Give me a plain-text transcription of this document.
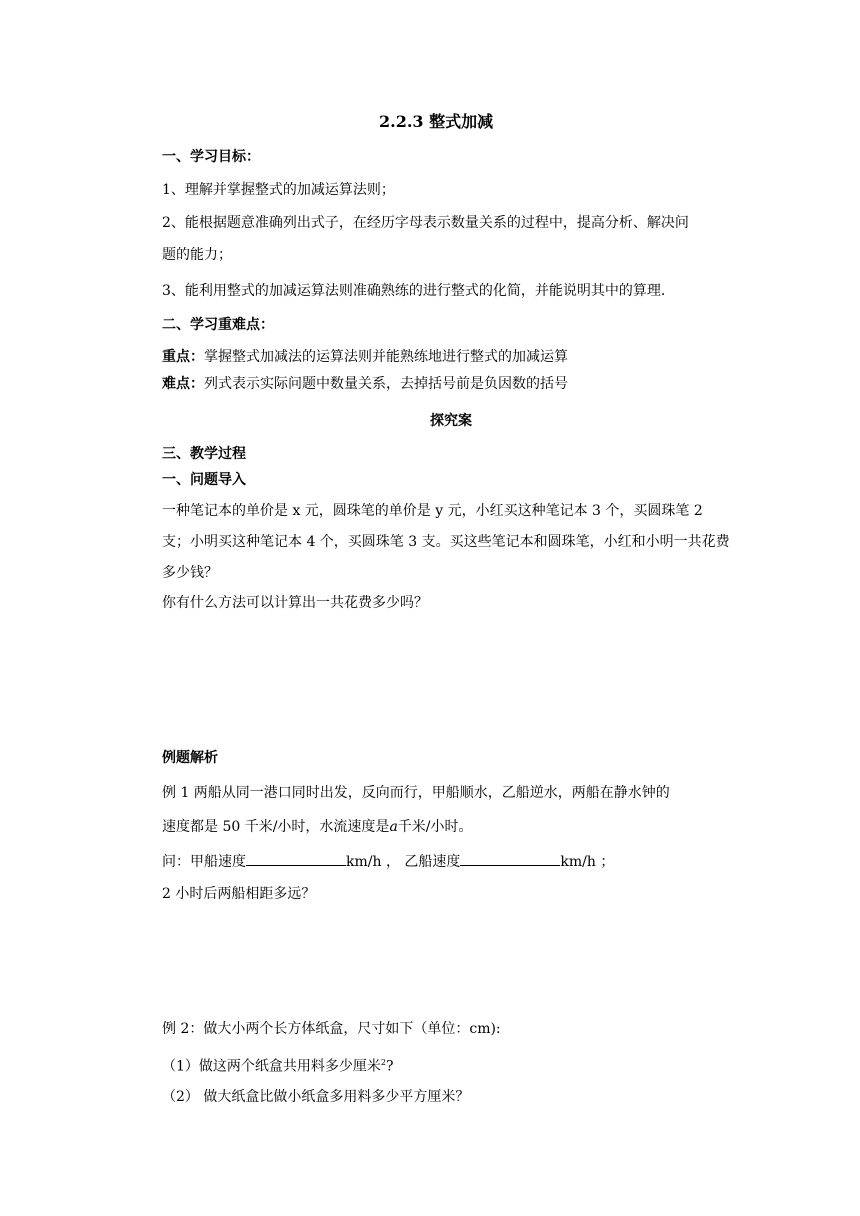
2.2.3 整式加减
一、学习目标：
1、理解并掌握整式的加减运算法则；
2、能根据题意准确列出式子，在经历字母表示数量关系的过程中，提高分析、解决问
题的能力；
3、能利用整式的加减运算法则准确熟练的进行整式的化简，并能说明其中的算理.
二、学习重难点：
重点：掌握整式加减法的运算法则并能熟练地进行整式的加减运算
难点：列式表示实际问题中数量关系，去掉括号前是负因数的括号
探究案
三、教学过程
一、问题导入
一种笔记本的单价是 x 元，圆珠笔的单价是 y 元，小红买这种笔记本 3 个，买圆珠笔 2
支；小明买这种笔记本 4 个，买圆珠笔 3 支。买这些笔记本和圆珠笔，小红和小明一共花费
多少钱？
你有什么方法可以计算出一共花费多少吗？
例题解析
例 1 两船从同一港口同时出发，反向而行，甲船顺水，乙船逆水，两船在静水钟的
速度都是 50 千米/小时，水流速度是a千米/小时。
问：甲船速度	km/h ， 乙船速度	km/h ；
2 小时后两船相距多远？
例 2：做大小两个长方体纸盒，尺寸如下（单位：cm):
（1）做这两个纸盒共用料多少厘米$^2$?
（2） 做大纸盒比做小纸盒多用料多少平方厘米？
